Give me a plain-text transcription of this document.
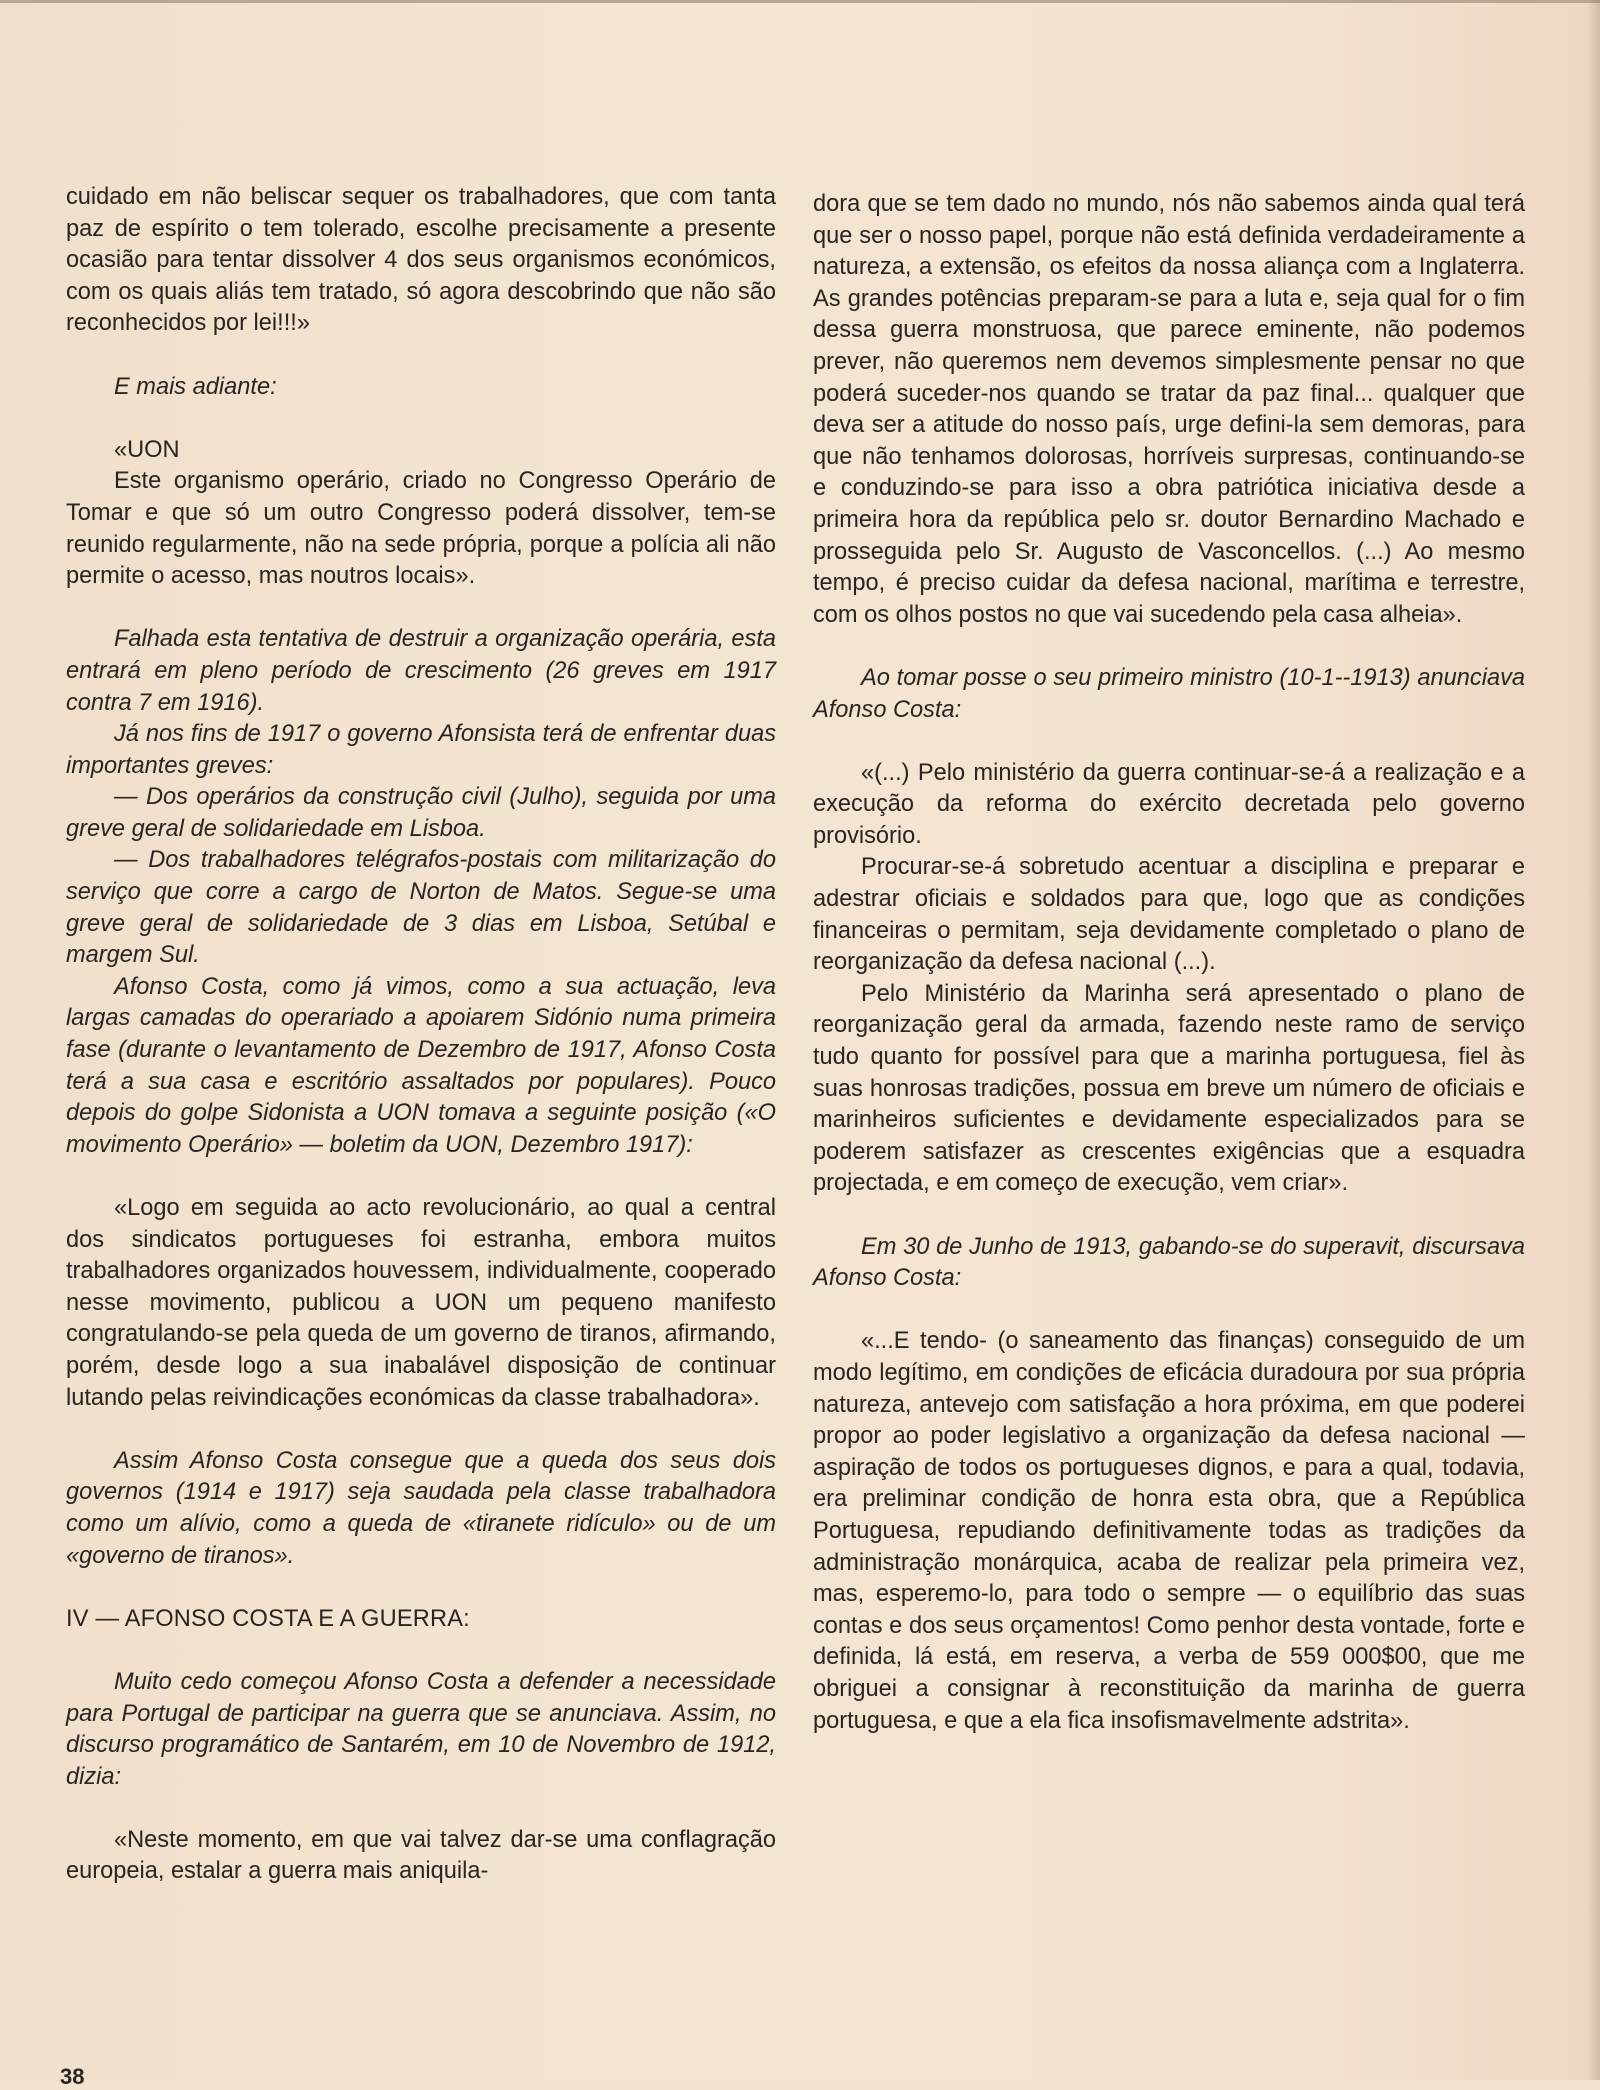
cuidado em não beliscar sequer os trabalhadores, que com tanta paz de espírito o tem tolerado, escolhe precisamente a presente ocasião para tentar dissolver 4 dos seus organismos económicos, com os quais aliás tem tratado, só agora descobrindo que não são reconhecidos por lei!!!»

E mais adiante:

«UON

Este organismo operário, criado no Congresso Operário de Tomar e que só um outro Congresso poderá dissolver, tem-se reunido regularmente, não na sede própria, porque a polícia ali não permite o acesso, mas noutros locais».

Falhada esta tentativa de destruir a organização operária, esta entrará em pleno período de crescimento (26 greves em 1917 contra 7 em 1916).

Já nos fins de 1917 o governo Afonsista terá de enfrentar duas importantes greves:

— Dos operários da construção civil (Julho), seguida por uma greve geral de solidariedade em Lisboa.

— Dos trabalhadores telégrafos-postais com militarização do serviço que corre a cargo de Norton de Matos. Segue-se uma greve geral de solidariedade de 3 dias em Lisboa, Setúbal e margem Sul.

Afonso Costa, como já vimos, como a sua actuação, leva largas camadas do operariado a apoiarem Sidónio numa primeira fase (durante o levantamento de Dezembro de 1917, Afonso Costa terá a sua casa e escritório assaltados por populares). Pouco depois do golpe Sidonista a UON tomava a seguinte posição («O movimento Operário» — boletim da UON, Dezembro 1917):

«Logo em seguida ao acto revolucionário, ao qual a central dos sindicatos portugueses foi estranha, embora muitos trabalhadores organizados houvessem, individualmente, cooperado nesse movimento, publicou a UON um pequeno manifesto congratulando-se pela queda de um governo de tiranos, afirmando, porém, desde logo a sua inabalável disposição de continuar lutando pelas reivindicações económicas da classe trabalhadora».

Assim Afonso Costa consegue que a queda dos seus dois governos (1914 e 1917) seja saudada pela classe trabalhadora como um alívio, como a queda de «tiranete ridículo» ou de um «governo de tiranos».

IV — AFONSO COSTA E A GUERRA:

Muito cedo começou Afonso Costa a defender a necessidade para Portugal de participar na guerra que se anunciava. Assim, no discurso programático de Santarém, em 10 de Novembro de 1912, dizia:

«Neste momento, em que vai talvez dar-se uma conflagração europeia, estalar a guerra mais aniquila-

dora que se tem dado no mundo, nós não sabemos ainda qual terá que ser o nosso papel, porque não está definida verdadeiramente a natureza, a extensão, os efeitos da nossa aliança com a Inglaterra. As grandes potências preparam-se para a luta e, seja qual for o fim dessa guerra monstruosa, que parece eminente, não podemos prever, não queremos nem devemos simplesmente pensar no que poderá suceder-nos quando se tratar da paz final... qualquer que deva ser a atitude do nosso país, urge defini-la sem demoras, para que não tenhamos dolorosas, horríveis surpresas, continuando-se e conduzindo-se para isso a obra patriótica iniciativa desde a primeira hora da república pelo sr. doutor Bernardino Machado e prosseguida pelo Sr. Augusto de Vasconcellos. (...) Ao mesmo tempo, é preciso cuidar da defesa nacional, marítima e terrestre, com os olhos postos no que vai sucedendo pela casa alheia».

Ao tomar posse o seu primeiro ministro (10-1--1913) anunciava Afonso Costa:

«(...) Pelo ministério da guerra continuar-se-á a realização e a execução da reforma do exército decretada pelo governo provisório.

Procurar-se-á sobretudo acentuar a disciplina e preparar e adestrar oficiais e soldados para que, logo que as condições financeiras o permitam, seja devidamente completado o plano de reorganização da defesa nacional (...).

Pelo Ministério da Marinha será apresentado o plano de reorganização geral da armada, fazendo neste ramo de serviço tudo quanto for possível para que a marinha portuguesa, fiel às suas honrosas tradições, possua em breve um número de oficiais e marinheiros suficientes e devidamente especializados para se poderem satisfazer as crescentes exigências que a esquadra projectada, e em começo de execução, vem criar».

Em 30 de Junho de 1913, gabando-se do superavit, discursava Afonso Costa:

«...E tendo- (o saneamento das finanças) conseguido de um modo legítimo, em condições de eficácia duradoura por sua própria natureza, antevejo com satisfação a hora próxima, em que poderei propor ao poder legislativo a organização da defesa nacional — aspiração de todos os portugueses dignos, e para a qual, todavia, era preliminar condição de honra esta obra, que a República Portuguesa, repudiando definitivamente todas as tradições da administração monárquica, acaba de realizar pela primeira vez, mas, esperemo-lo, para todo o sempre — o equilíbrio das suas contas e dos seus orçamentos! Como penhor desta vontade, forte e definida, lá está, em reserva, a verba de 559 000$00, que me obriguei a consignar à reconstituição da marinha de guerra portuguesa, e que a ela fica insofismavelmente adstrita».

38
